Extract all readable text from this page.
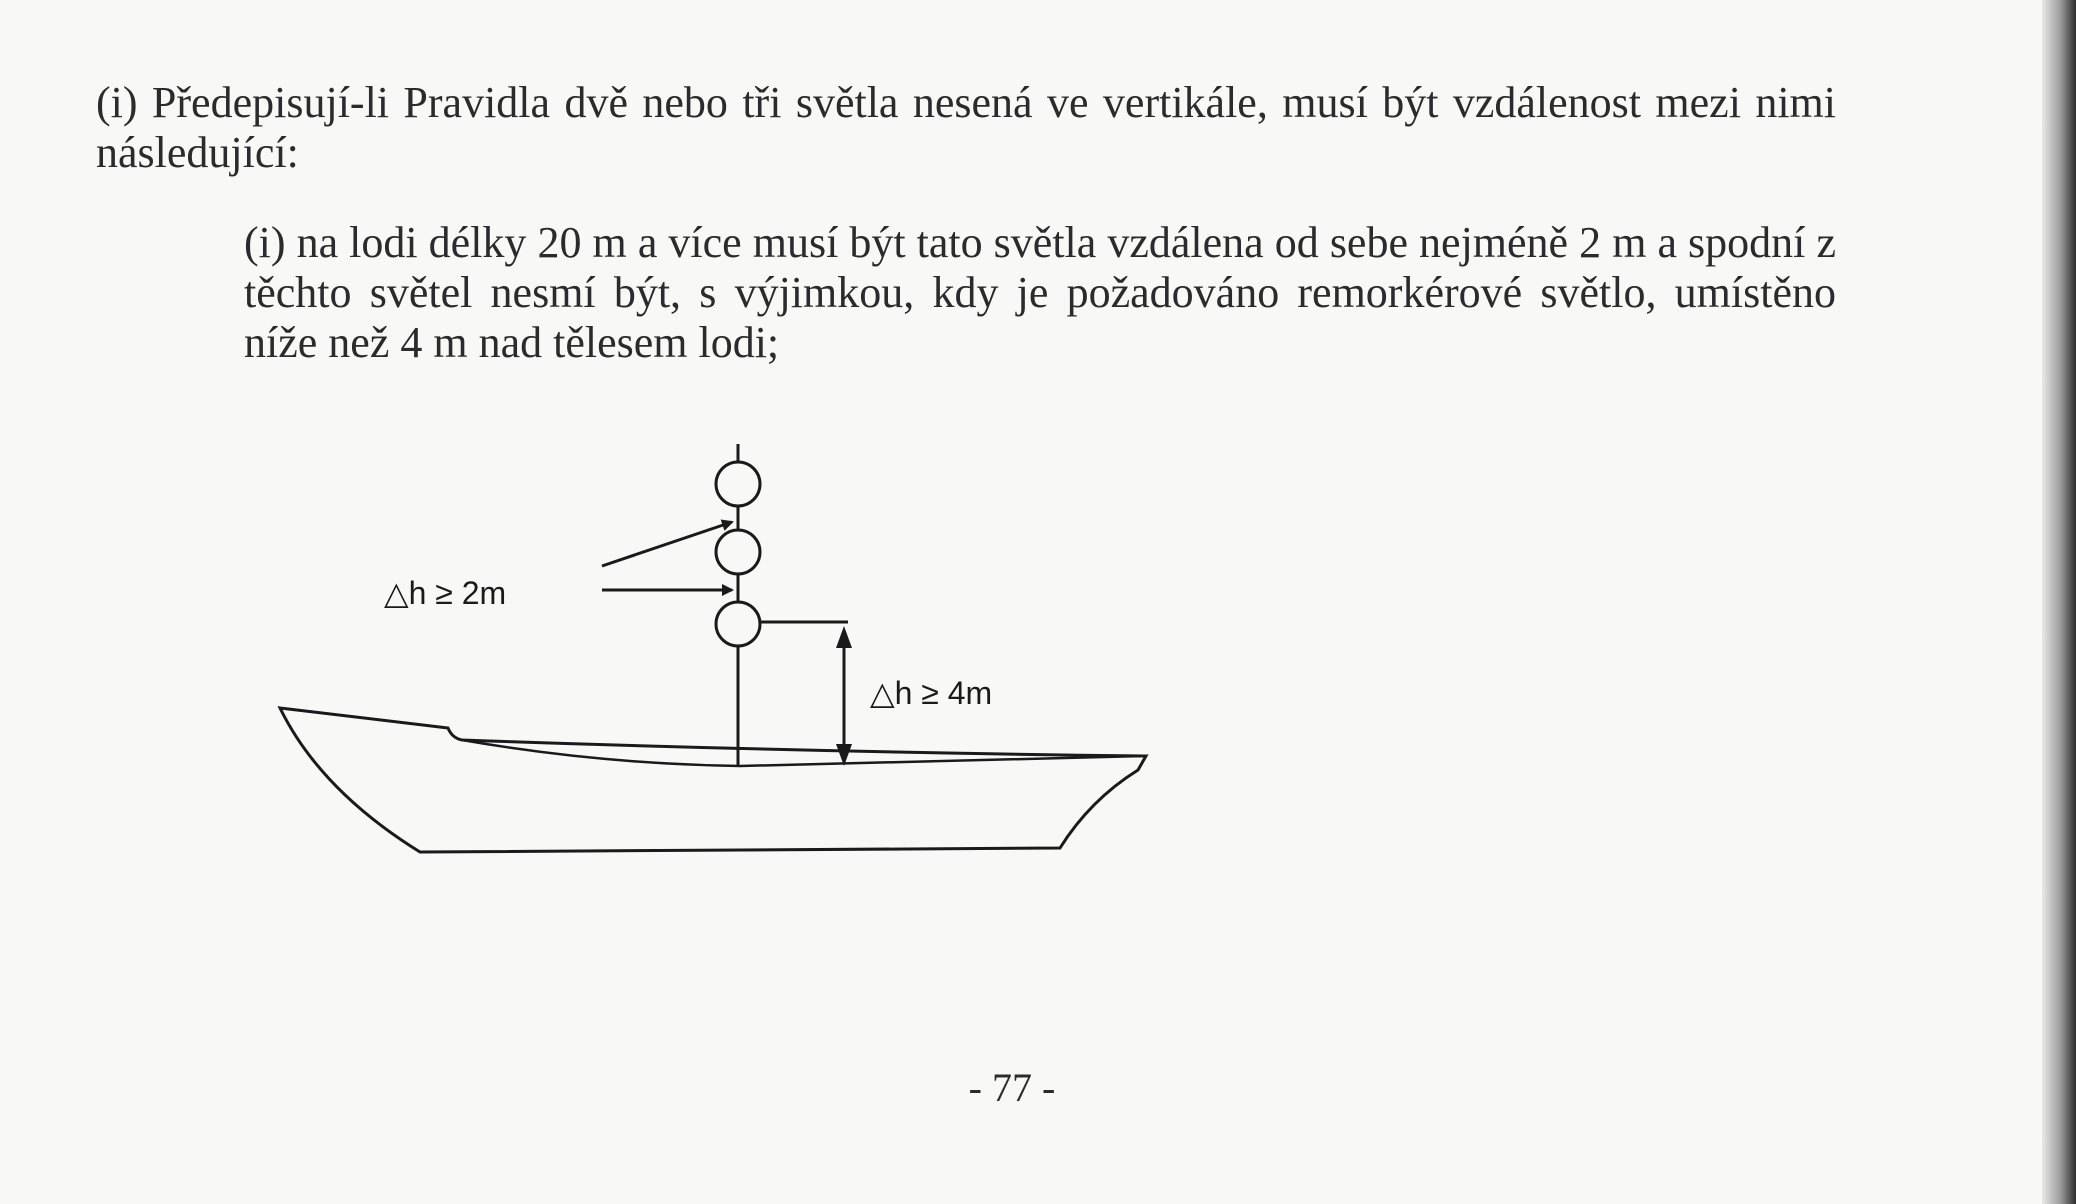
(i) Předepisují-li Pravidla dvě nebo tři světla nesená ve vertikále, musí být vzdálenost mezi nimi následující:

(i) na lodi délky 20 m a více musí být tato světla vzdálena od sebe nejméně 2 m a spodní z těchto světel nesmí být, s výjimkou, kdy je požadováno remorkérové světlo, umístěno níže než 4 m nad tělesem lodi;

△h ≥ 2m
△h ≥ 4m
- 77 -
